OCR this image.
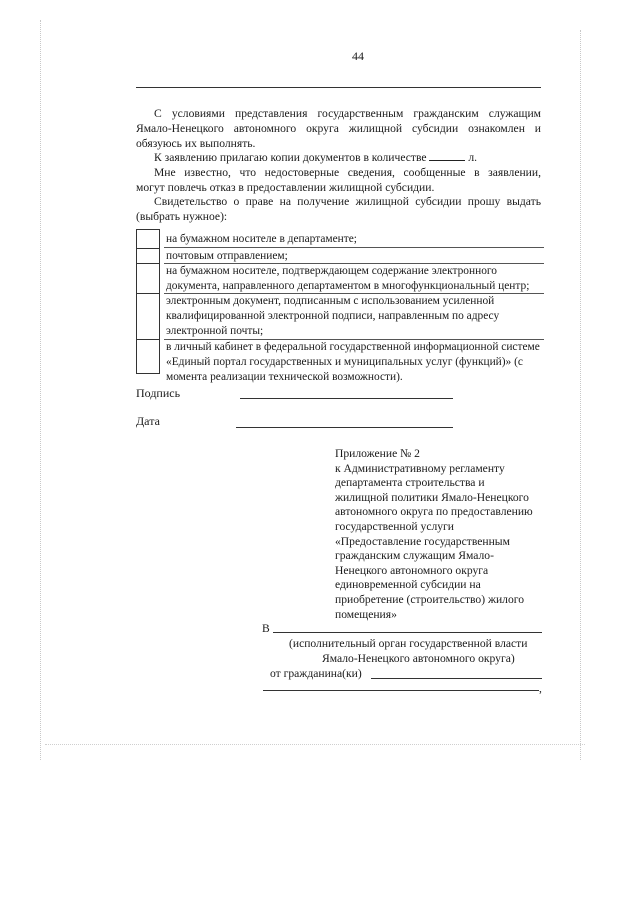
44
С условиями представления государственным гражданским служащим
Ямало-Ненецкого автономного округа жилищной субсидии ознакомлен и
обязуюсь их выполнять.
К заявлению прилагаю копии документов в количестве	л.
Мне известно, что недостоверные сведения, сообщенные в заявлении,
могут повлечь отказ в предоставлении жилищной субсидии.
Свидетельство о праве на получение жилищной субсидии прошу выдать
(выбрать нужное):
на бумажном носителе в департаменте;
почтовым отправлением;
на бумажном носителе, подтверждающем содержание электронного
документа, направленного департаментом в многофункциональный центр;
электронным документ, подписанным с использованием усиленной
квалифицированной электронной подписи, направленным по адресу
электронной почты;
в личный кабинет в федеральной государственной информационной системе
«Единый портал государственных и муниципальных услуг (функций)» (с
момента реализации технической возможности).
Подпись
Дата
Приложение № 2
к Административному регламенту
департамента строительства и
жилищной политики Ямало-Ненецкого
автономного округа по предоставлению
государственной услуги
«Предоставление государственным
гражданским служащим Ямало-
Ненецкого автономного округа
единовременной субсидии на
приобретение (строительство) жилого
помещения»
В
(исполнительный орган государственной власти
Ямало-Ненецкого автономного округа)
от гражданина(ки)
,
